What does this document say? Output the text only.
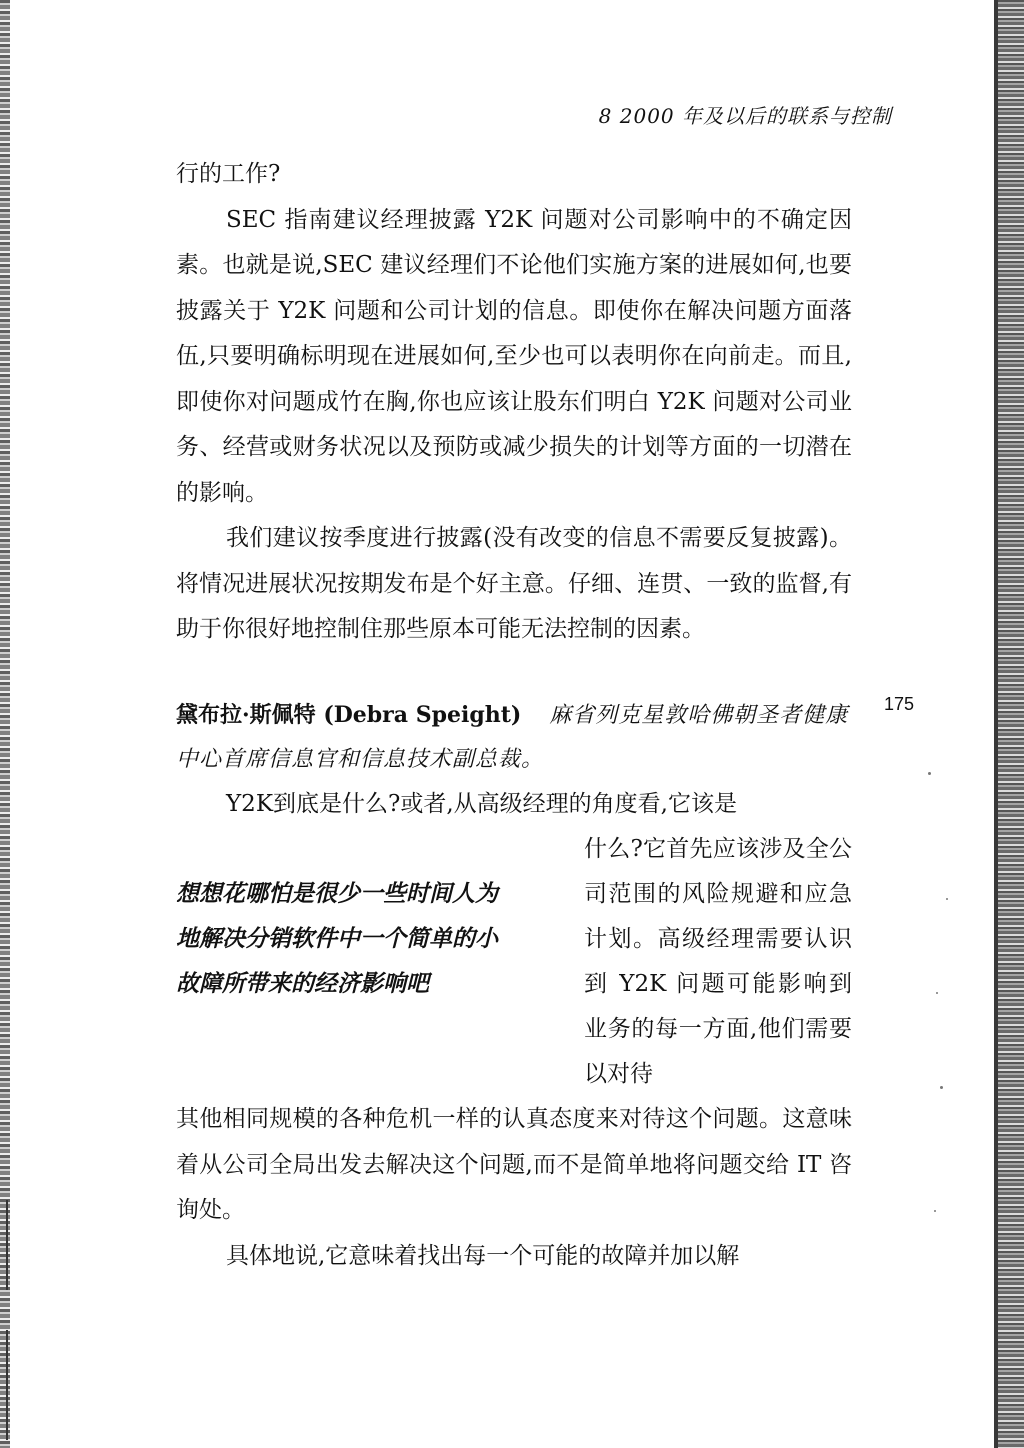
8 2000 年及以后的联系与控制
175

行的工作?

SEC 指南建议经理披露 Y2K 问题对公司影响中的不确定因素。也就是说,SEC 建议经理们不论他们实施方案的进展如何,也要披露关于 Y2K 问题和公司计划的信息。即使你在解决问题方面落伍,只要明确标明现在进展如何,至少也可以表明你在向前走。而且,即使你对问题成竹在胸,你也应该让股东们明白 Y2K 问题对公司业务、经营或财务状况以及预防或减少损失的计划等方面的一切潜在的影响。

我们建议按季度进行披露(没有改变的信息不需要反复披露)。将情况进展状况按期发布是个好主意。仔细、连贯、一致的监督,有助于你很好地控制住那些原本可能无法控制的因素。

黛布拉·斯佩特 (Debra Speight) 麻省列克星敦哈佛朝圣者健康中心首席信息官和信息技术副总裁。

Y2K到底是什么?或者,从高级经理的角度看,它该是

想想花哪怕是很少一些时间人为地解决分销软件中一个简单的小故障所带来的经济影响吧

什么?它首先应该涉及全公司范围的风险规避和应急计划。高级经理需要认识到 Y2K 问题可能影响到业务的每一方面,他们需要以对待

其他相同规模的各种危机一样的认真态度来对待这个问题。这意味着从公司全局出发去解决这个问题,而不是简单地将问题交给 IT 咨询处。

具体地说,它意味着找出每一个可能的故障并加以解
